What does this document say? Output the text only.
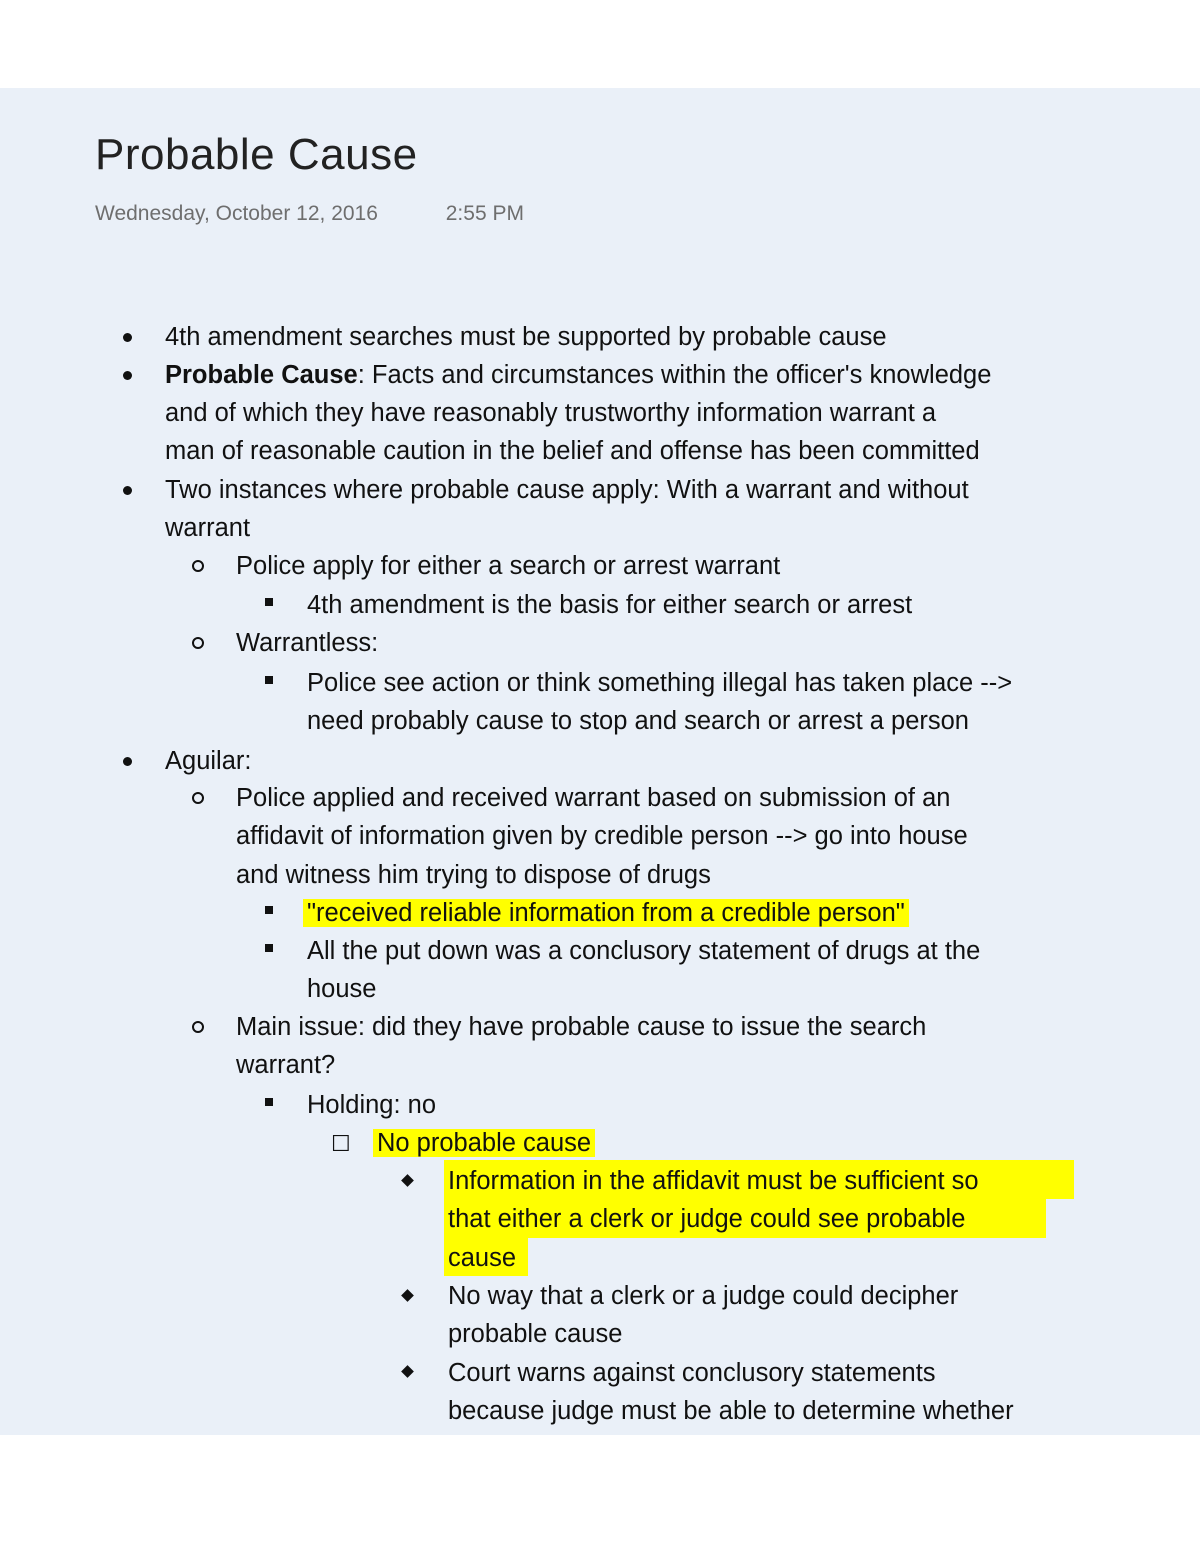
Probable Cause
Wednesday, October 12, 2016	2:55 PM
4th amendment searches must be supported by probable cause
Probable Cause: Facts and circumstances within the officer's knowledge
and of which they have reasonably trustworthy information warrant a
man of reasonable caution in the belief and offense has been committed
Two instances where probable cause apply: With a warrant and without
warrant
Police apply for either a search or arrest warrant
4th amendment is the basis for either search or arrest
Warrantless:
Police see action or think something illegal has taken place -->
need probably cause to stop and search or arrest a person
Aguilar:
Police applied and received warrant based on submission of an
affidavit of information given by credible person --> go into house
and witness him trying to dispose of drugs
"received reliable information from a credible person"
All the put down was a conclusory statement of drugs at the
house
Main issue: did they have probable cause to issue the search
warrant?
Holding: no
☐ No probable cause
Information in the affidavit must be sufficient so
that either a clerk or judge could see probable
cause
No way that a clerk or a judge could decipher
probable cause
Court warns against conclusory statements
because judge must be able to determine whether
